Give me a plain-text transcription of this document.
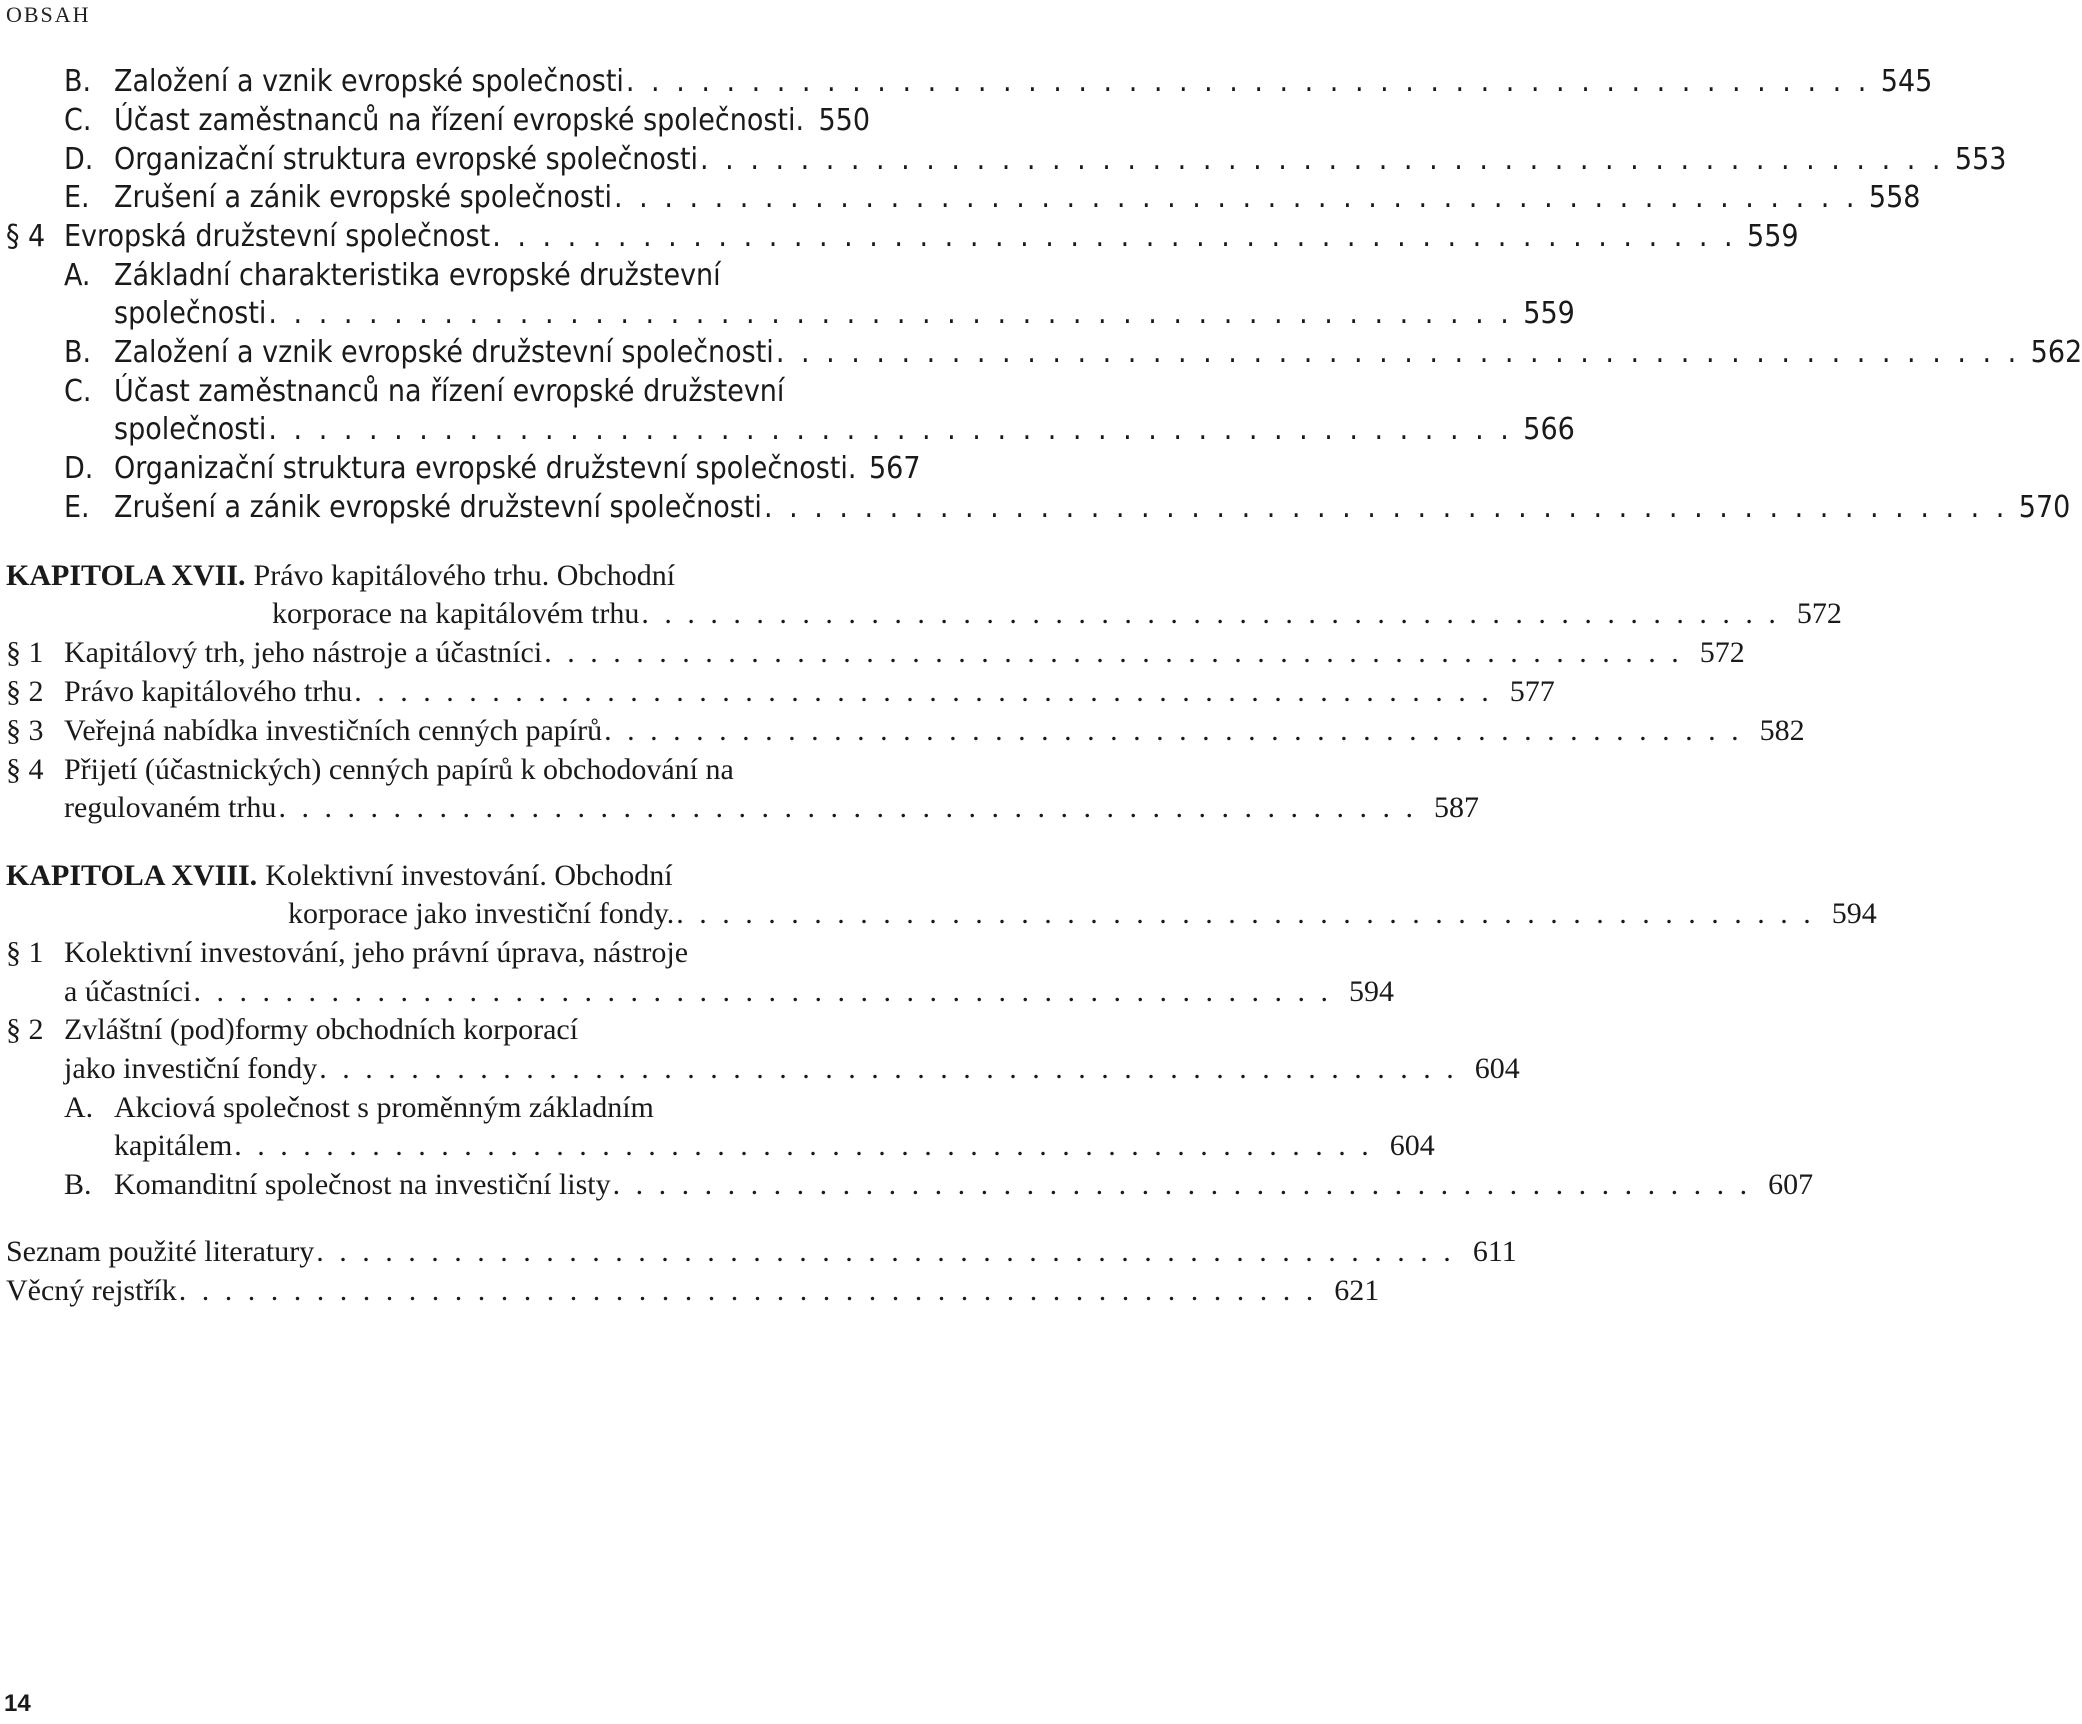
OBSAH
B. Založení a vznik evropské společnosti . . . . . . . . . . . . . . . . . . . . . . . . . . . . . . . . . . . . . . . . . . . . . . . . . . 545
C. Účast zaměstnanců na řízení evropské společnosti. 550
D. Organizační struktura evropské společnosti . . . . . . . . . . . . . . . . . . . . . . . . . . . . . . . . . . . . . . . . . . . . . . . . . . 553
E. Zrušení a zánik evropské společnosti . . . . . . . . . . . . . . . . . . . . . . . . . . . . . . . . . . . . . . . . . . . . . . . . . . 558
§ 4 Evropská družstevní společnost . . . . . . . . . . . . . . . . . . . . . . . . . . . . . . . . . . . . . . . . . . . . . . . . . . 559
A. Základní charakteristika evropské družstevní
společnosti . . . . . . . . . . . . . . . . . . . . . . . . . . . . . . . . . . . . . . . . . . . . . . . . . . 559
B. Založení a vznik evropské družstevní společnosti . . . . . . . . . . . . . . . . . . . . . . . . . . . . . . . . . . . . . . . . . . . . . . . . . . 562
C. Účast zaměstnanců na řízení evropské družstevní
společnosti . . . . . . . . . . . . . . . . . . . . . . . . . . . . . . . . . . . . . . . . . . . . . . . . . . 566
D. Organizační struktura evropské družstevní společnosti. 567
E. Zrušení a zánik evropské družstevní společnosti . . . . . . . . . . . . . . . . . . . . . . . . . . . . . . . . . . . . . . . . . . . . . . . . . . 570
KAPITOLA XVII. Právo kapitálového trhu. Obchodní
korporace na kapitálovém trhu . . . . . . . . . . . . . . . . . . . . . . . . . . . . . . . . . . . . . . . . . . . . . . . . . . 572
§ 1 Kapitálový trh, jeho nástroje a účastníci . . . . . . . . . . . . . . . . . . . . . . . . . . . . . . . . . . . . . . . . . . . . . . . . . . 572
§ 2 Právo kapitálového trhu . . . . . . . . . . . . . . . . . . . . . . . . . . . . . . . . . . . . . . . . . . . . . . . . . . 577
§ 3 Veřejná nabídka investičních cenných papírů . . . . . . . . . . . . . . . . . . . . . . . . . . . . . . . . . . . . . . . . . . . . . . . . . . 582
§ 4 Přijetí (účastnických) cenných papírů k obchodování na
regulovaném trhu . . . . . . . . . . . . . . . . . . . . . . . . . . . . . . . . . . . . . . . . . . . . . . . . . . 587
KAPITOLA XVIII. Kolektivní investování. Obchodní
korporace jako investiční fondy. . . . . . . . . . . . . . . . . . . . . . . . . . . . . . . . . . . . . . . . . . . . . . . . . . . 594
§ 1 Kolektivní investování, jeho právní úprava, nástroje
a účastníci . . . . . . . . . . . . . . . . . . . . . . . . . . . . . . . . . . . . . . . . . . . . . . . . . . 594
§ 2 Zvláštní (pod)formy obchodních korporací
jako investiční fondy . . . . . . . . . . . . . . . . . . . . . . . . . . . . . . . . . . . . . . . . . . . . . . . . . . 604
A. Akciová společnost s proměnným základním
kapitálem . . . . . . . . . . . . . . . . . . . . . . . . . . . . . . . . . . . . . . . . . . . . . . . . . . 604
B. Komanditní společnost na investiční listy . . . . . . . . . . . . . . . . . . . . . . . . . . . . . . . . . . . . . . . . . . . . . . . . . . 607
Seznam použité literatury . . . . . . . . . . . . . . . . . . . . . . . . . . . . . . . . . . . . . . . . . . . . . . . . . . 611
Věcný rejstřík . . . . . . . . . . . . . . . . . . . . . . . . . . . . . . . . . . . . . . . . . . . . . . . . . . 621
14
